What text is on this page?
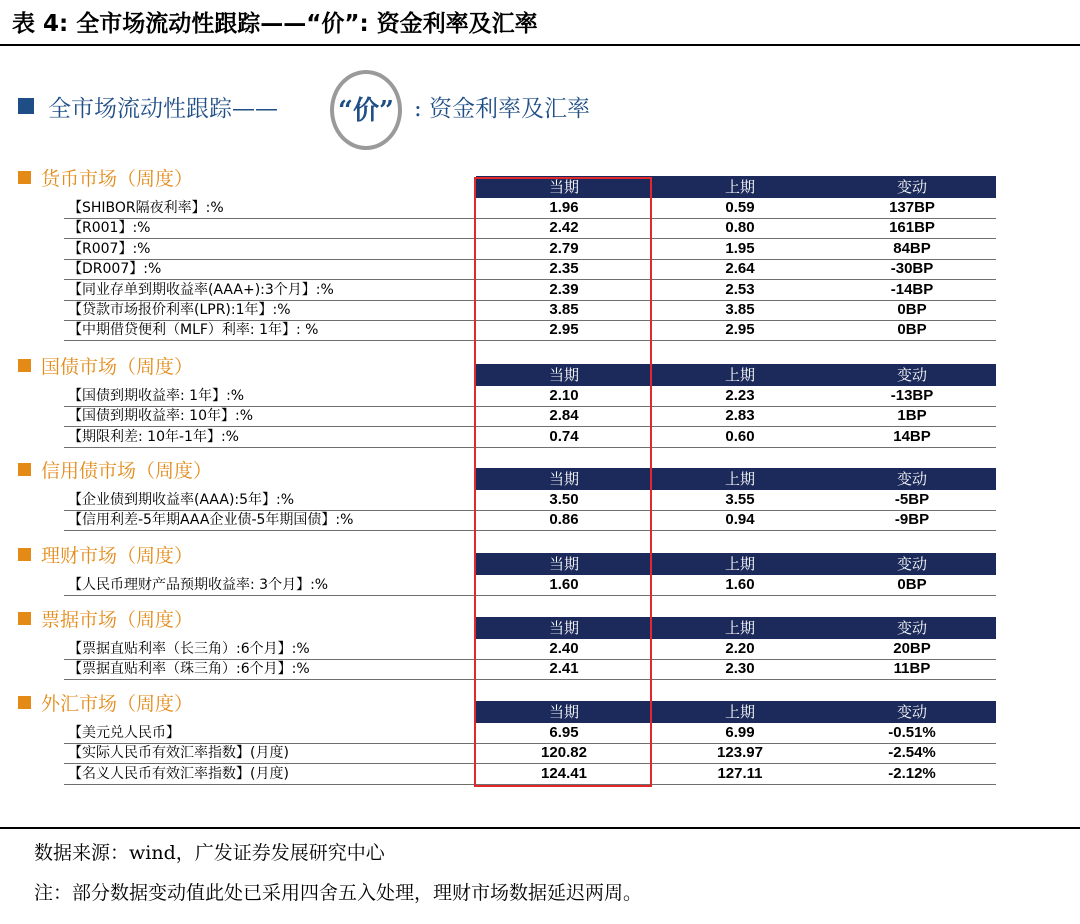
表 4: 全市场流动性跟踪——“价”: 资金利率及汇率
全市场流动性跟踪—— “价” : 资金利率及汇率
货币市场（周度）	当期	上期	变动
【SHIBOR隔夜利率】:%	1.96	0.59	137BP
【R001】:%	2.42	0.80	161BP
【R007】:%	2.79	1.95	84BP
【DR007】:%	2.35	2.64	-30BP
【同业存单到期收益率(AAA+):3个月】:%	2.39	2.53	-14BP
【贷款市场报价利率(LPR):1年】:%	3.85	3.85	0BP
【中期借贷便利（MLF）利率: 1年】: %	2.95	2.95	0BP
国债市场（周度）	当期	上期	变动
【国债到期收益率: 1年】:%	2.10	2.23	-13BP
【国债到期收益率: 10年】:%	2.84	2.83	1BP
【期限利差: 10年-1年】:%	0.74	0.60	14BP
信用债市场（周度）	当期	上期	变动
【企业债到期收益率(AAA):5年】:%	3.50	3.55	-5BP
【信用利差-5年期AAA企业债-5年期国债】:%	0.86	0.94	-9BP
理财市场（周度）	当期	上期	变动
【人民币理财产品预期收益率: 3个月】:%	1.60	1.60	0BP
票据市场（周度）	当期	上期	变动
【票据直贴利率（长三角）:6个月】:%	2.40	2.20	20BP
【票据直贴利率（珠三角）:6个月】:%	2.41	2.30	11BP
外汇市场（周度）	当期	上期	变动
【美元兑人民币】	6.95	6.99	-0.51%
【实际人民币有效汇率指数】(月度)	120.82	123.97	-2.54%
【名义人民币有效汇率指数】(月度)	124.41	127.11	-2.12%
数据来源：wind，广发证券发展研究中心
注：部分数据变动值此处已采用四舍五入处理，理财市场数据延迟两周。
